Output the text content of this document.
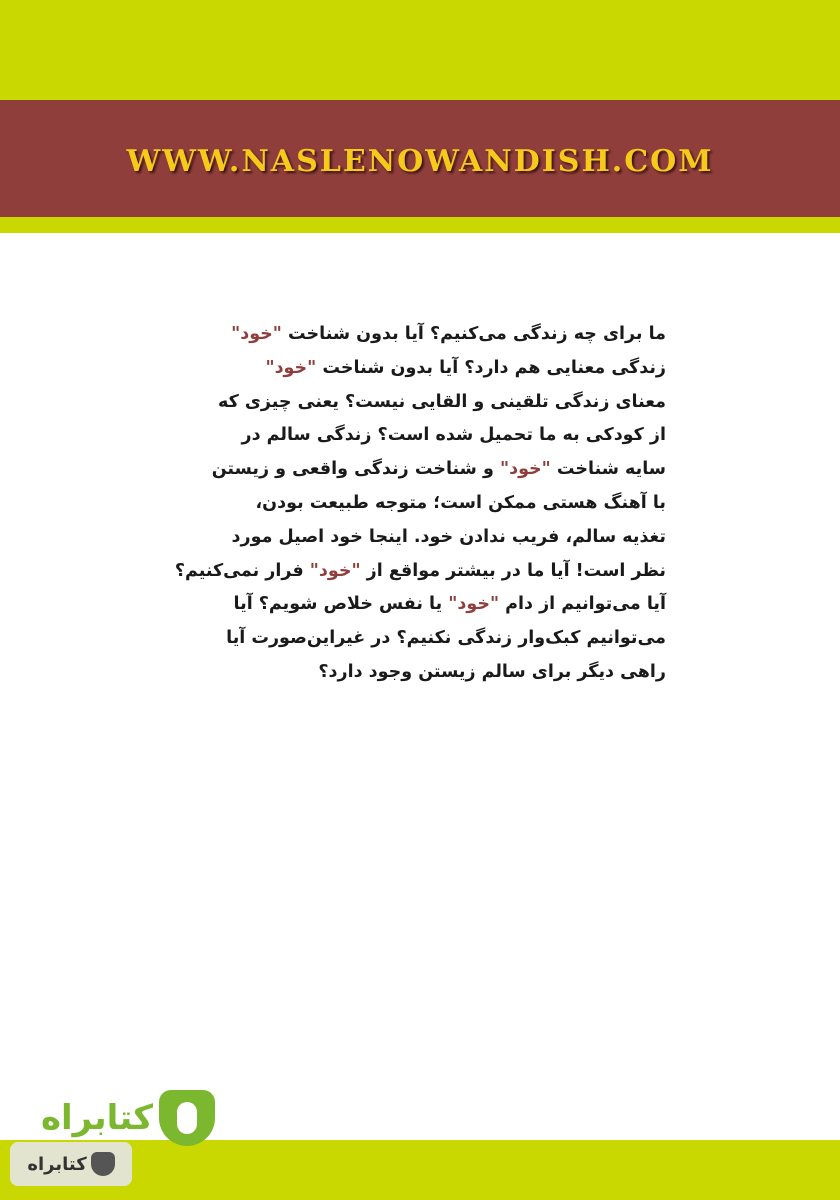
WWW.NASLENOWANDISH.COM
ما برای چه زندگی می‌کنیم؟ آیا بدون شناخت "خود"
زندگی معنایی هم دارد؟ آیا بدون شناخت "خود"
معنای زندگی تلقینی و القایی نیست؟ یعنی چیزی که
از کودکی به ما تحمیل شده است؟ زندگی سالم در
سایه شناخت "خود" و شناخت زندگی واقعی و زیستن
با آهنگ هستی ممکن است؛ متوجه طبیعت بودن،
تغذیه سالم، فریب ندادن خود. اینجا خود اصیل مورد
نظر است! آیا ما در بیشتر مواقع از "خود" فرار نمی‌کنیم؟
آیا می‌توانیم از دام "خود" یا نفس خلاص شویم؟ آیا
می‌توانیم کبک‌وار زندگی نکنیم؟ در غیراین‌صورت آیا
راهی دیگر برای سالم زیستن وجود دارد؟
کتابراه
کتابراه
